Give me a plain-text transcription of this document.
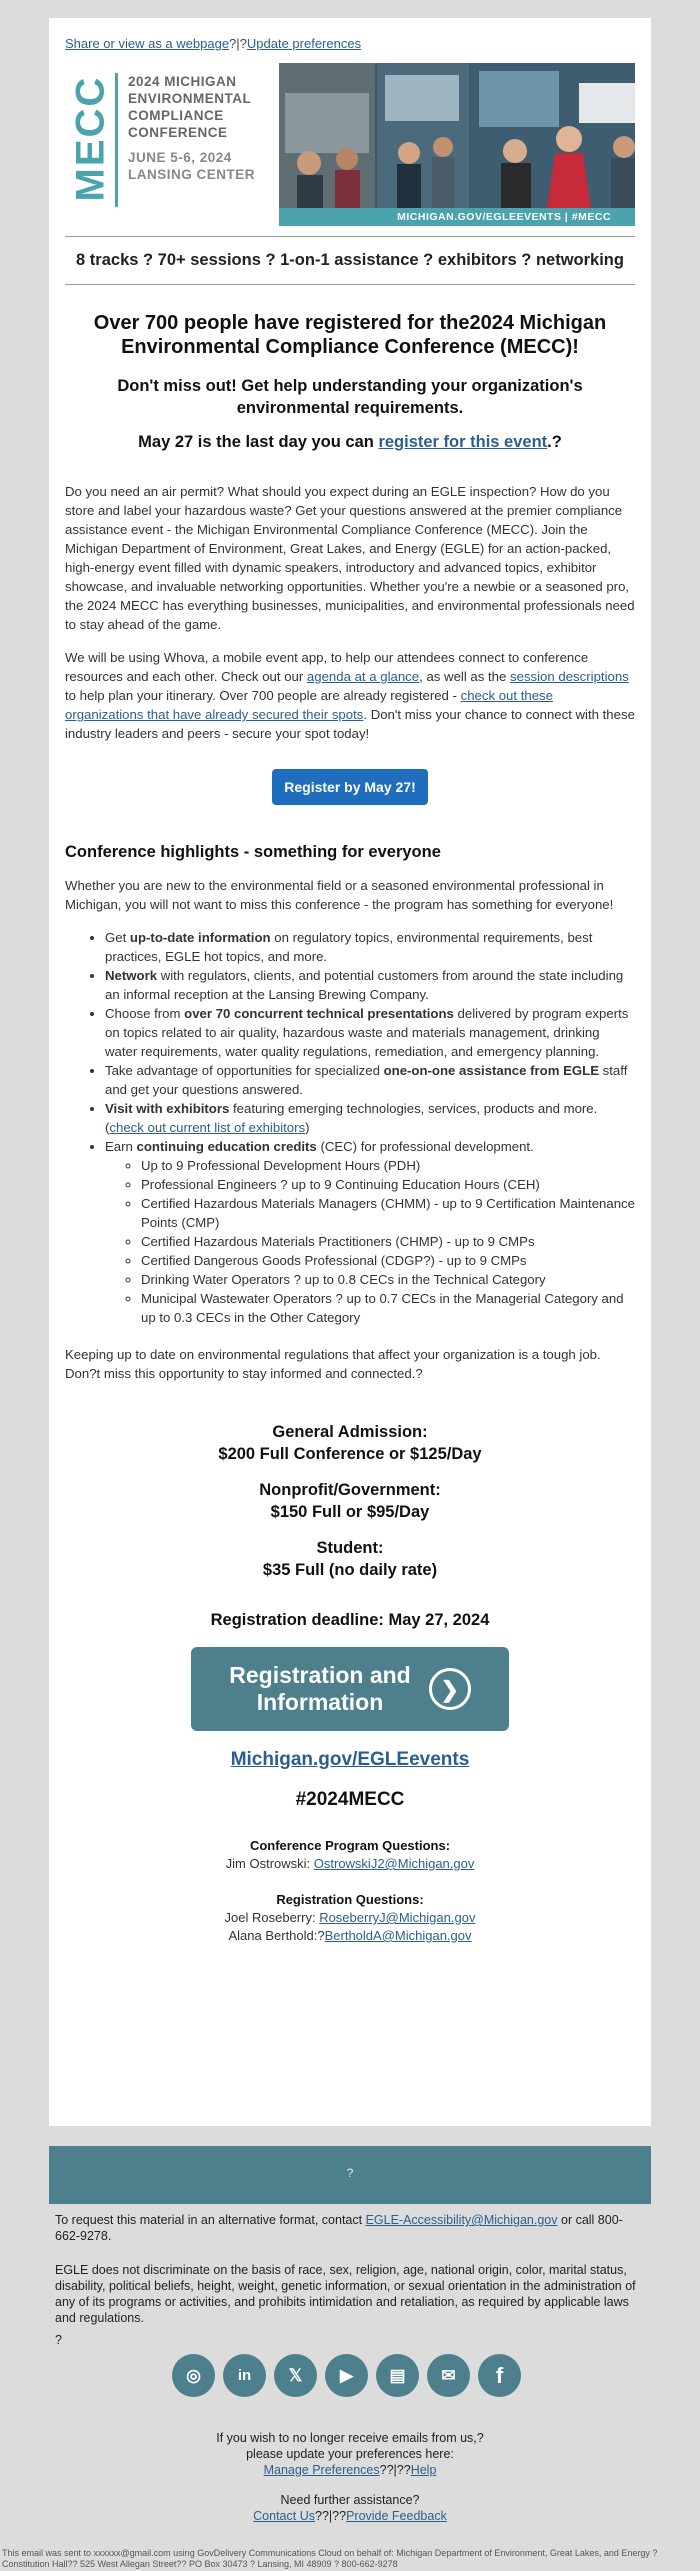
Share or view as a webpage?|?Update preferences
MECC 2024 MICHIGAN
ENVIRONMENTAL
COMPLIANCE
CONFERENCE
JUNE 5-6, 2024
LANSING CENTER
MICHIGAN.GOV/EGLEEVENTS | #MECC
8 tracks ? 70+ sessions ? 1-on-1 assistance ? exhibitors ? networking
Over 700 people have registered for the2024 Michigan Environmental Compliance Conference (MECC)!
Don't miss out! Get help understanding your organization's environmental requirements.
May 27 is the last day you can register for this event.?
Do you need an air permit? What should you expect during an EGLE inspection? How do you store and label your hazardous waste? Get your questions answered at the premier compliance assistance event - the Michigan Environmental Compliance Conference (MECC). Join the Michigan Department of Environment, Great Lakes, and Energy (EGLE) for an action-packed, high-energy event filled with dynamic speakers, introductory and advanced topics, exhibitor showcase, and invaluable networking opportunities. Whether you're a newbie or a seasoned pro, the 2024 MECC has everything businesses, municipalities, and environmental professionals need to stay ahead of the game.
We will be using Whova, a mobile event app, to help our attendees connect to conference resources and each other. Check out our agenda at a glance, as well as the session descriptions to help plan your itinerary. Over 700 people are already registered - check out these organizations that have already secured their spots. Don't miss your chance to connect with these industry leaders and peers - secure your spot today!
Register by May 27!
Conference highlights - something for everyone
Whether you are new to the environmental field or a seasoned environmental professional in Michigan, you will not want to miss this conference - the program has something for everyone!
• Get up-to-date information on regulatory topics, environmental requirements, best practices, EGLE hot topics, and more.
• Network with regulators, clients, and potential customers from around the state including an informal reception at the Lansing Brewing Company.
• Choose from over 70 concurrent technical presentations delivered by program experts on topics related to air quality, hazardous waste and materials management, drinking water requirements, water quality regulations, remediation, and emergency planning.
• Take advantage of opportunities for specialized one-on-one assistance from EGLE staff and get your questions answered.
• Visit with exhibitors featuring emerging technologies, services, products and more. (check out current list of exhibitors)
• Earn continuing education credits (CEC) for professional development.
◦ Up to 9 Professional Development Hours (PDH)
◦ Professional Engineers ? up to 9 Continuing Education Hours (CEH)
◦ Certified Hazardous Materials Managers (CHMM) - up to 9 Certification Maintenance Points (CMP)
◦ Certified Hazardous Materials Practitioners (CHMP) - up to 9 CMPs
◦ Certified Dangerous Goods Professional (CDGP?) - up to 9 CMPs
◦ Drinking Water Operators ? up to 0.8 CECs in the Technical Category
◦ Municipal Wastewater Operators ? up to 0.7 CECs in the Managerial Category and up to 0.3 CECs in the Other Category
Keeping up to date on environmental regulations that affect your organization is a tough job. Don?t miss this opportunity to stay informed and connected.?
General Admission:
$200 Full Conference or $125/Day
Nonprofit/Government:
$150 Full or $95/Day
Student:
$35 Full (no daily rate)
Registration deadline: May 27, 2024
Registration and
Information	❯
Michigan.gov/EGLEevents
#2024MECC
Conference Program Questions:
Jim Ostrowski: OstrowskiJ2@Michigan.gov
Registration Questions:
Joel Roseberry: RoseberryJ@Michigan.gov
Alana Berthold:?BertholdA@Michigan.gov
?
To request this material in an alternative format, contact EGLE-Accessibility@Michigan.gov or call 800-662-9278.
EGLE does not discriminate on the basis of race, sex, religion, age, national origin, color, marital status, disability, political beliefs, height, weight, genetic information, or sexual orientation in the administration of any of its programs or activities, and prohibits intimidation and retaliation, as required by applicable laws and regulations.
?
◎	in	𝕏	▶	▤	✉	f
If you wish to no longer receive emails from us,?
please update your preferences here:
Manage Preferences??|??Help
Need further assistance?
Contact Us??|??Provide Feedback
This email was sent to xxxxxx@gmail.com using GovDelivery Communications Cloud on behalf of: Michigan Department of Environment, Great Lakes, and Energy ? Constitution Hall?? 525 West Allegan Street?? PO Box 30473 ? Lansing, MI 48909 ? 800-662-9278
